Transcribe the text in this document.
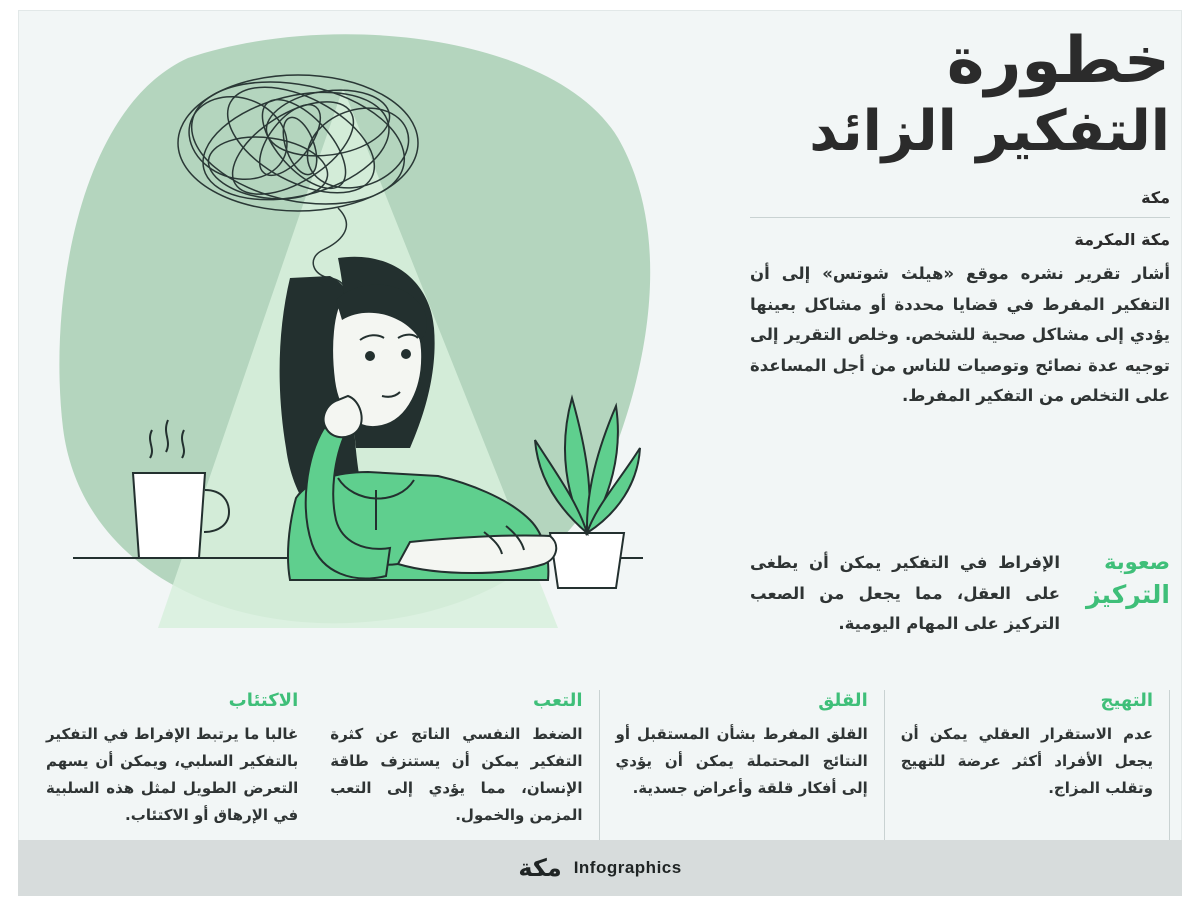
خطورة
التفكير الزائد
مكة
مكة المكرمة
أشار تقرير نشره موقع «هيلث شوتس» إلى أن التفكير المفرط في قضايا محددة أو مشاكل بعينها يؤدي إلى مشاكل صحية للشخص. وخلص التقرير إلى توجيه عدة نصائح وتوصيات للناس من أجل المساعدة على التخلص من التفكير المفرط.
صعوبة
التركيز
الإفراط في التفكير يمكن أن يطغى على العقل، مما يجعل من الصعب التركيز على المهام اليومية.
الاكتئاب

غالبا ما يرتبط الإفراط في التفكير بالتفكير السلبي، ويمكن أن يسهم التعرض الطويل لمثل هذه السلبية في الإرهاق أو الاكتئاب.

التعب

الضغط النفسي الناتج عن كثرة التفكير يمكن أن يستنزف طاقة الإنسان، مما يؤدي إلى التعب المزمن والخمول.

القلق

القلق المفرط بشأن المستقبل أو النتائج المحتملة يمكن أن يؤدي إلى أفكار قلقة وأعراض جسدية.

التهيج

عدم الاستقرار العقلي يمكن أن يجعل الأفراد أكثر عرضة للتهيج وتقلب المزاج.

Infographics
مكة
